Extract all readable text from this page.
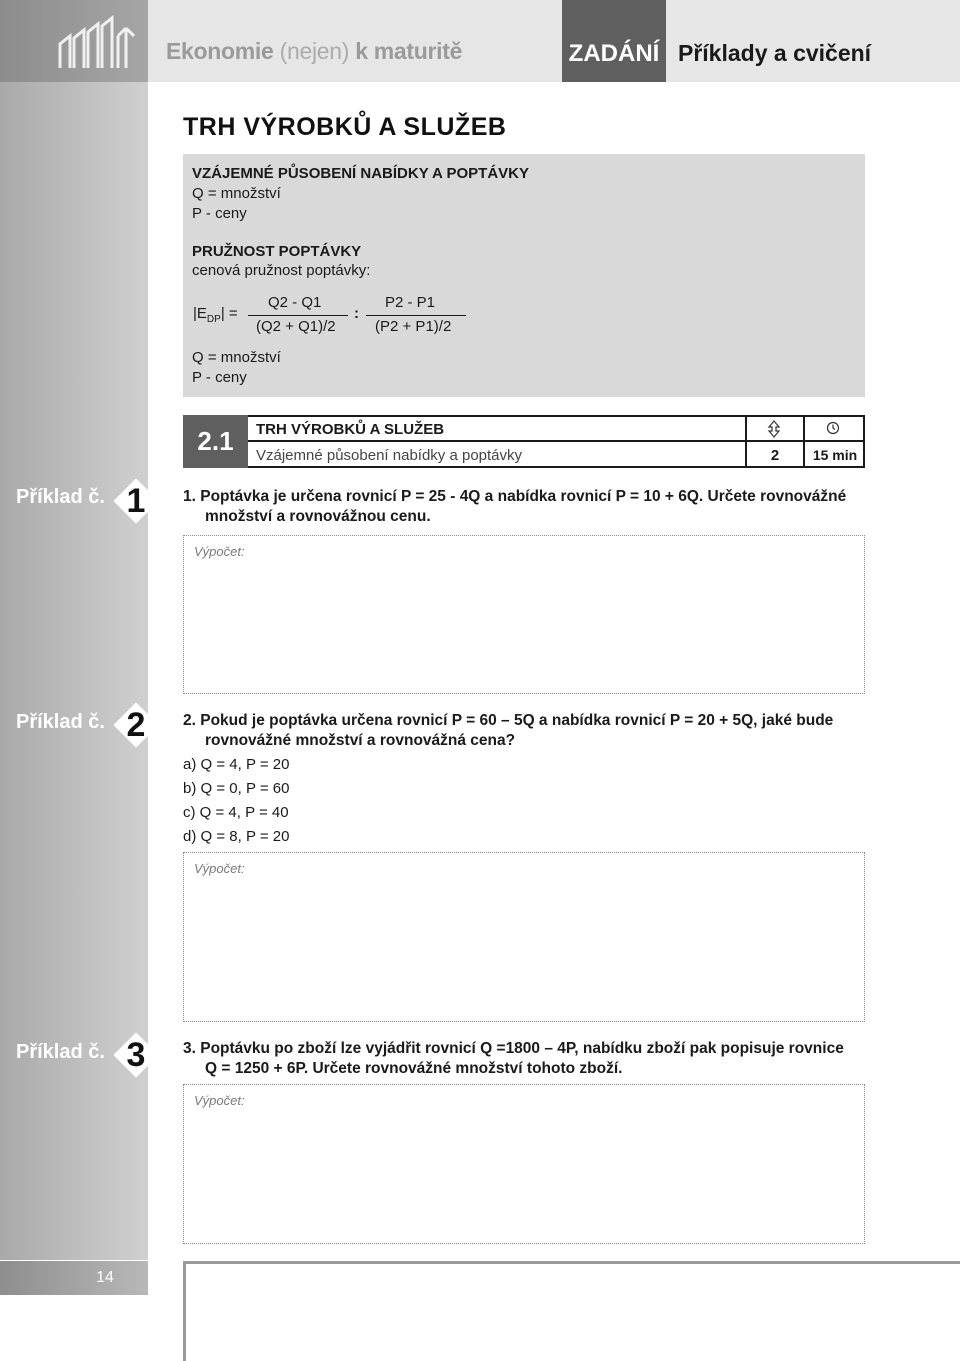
Ekonomie (nejen) k maturitě	ZADÁNÍ Příklady a cvičení
Příklad č. 1
Příklad č. 2
Příklad č. 3
14
TRH VÝROBKŮ A SLUŽEB
VZÁJEMNÉ PŮSOBENÍ NABÍDKY A POPTÁVKY
Q = množství
P - ceny
PRUŽNOST POPTÁVKY
cenová pružnost poptávky:
$|E_{DP}|$ =
Q2 - Q1
(Q2 + Q1)/2
:
P2 - P1
(P2 + P1)/2
Q = množství
P - ceny
2.1	TRH VÝROBKŮ A SLUŽEB
Vzájemné působení nabídky a poptávky	2	15 min
1. Poptávka je určena rovnicí P = 25 - 4Q a nabídka rovnicí P = 10 + 6Q. Určete rovnovážné
množství a rovnovážnou cenu.
Výpočet:
2. Pokud je poptávka určena rovnicí P = 60 – 5Q a nabídka rovnicí P = 20 + 5Q, jaké bude
rovnovážné množství a rovnovážná cena?
a) Q = 4, P = 20
b) Q = 0, P = 60
c) Q = 4, P = 40
d) Q = 8, P = 20
Výpočet:
3. Poptávku po zboží lze vyjádřit rovnicí Q =1800 – 4P, nabídku zboží pak popisuje rovnice
Q = 1250 + 6P. Určete rovnovážné množství tohoto zboží.
Výpočet:
